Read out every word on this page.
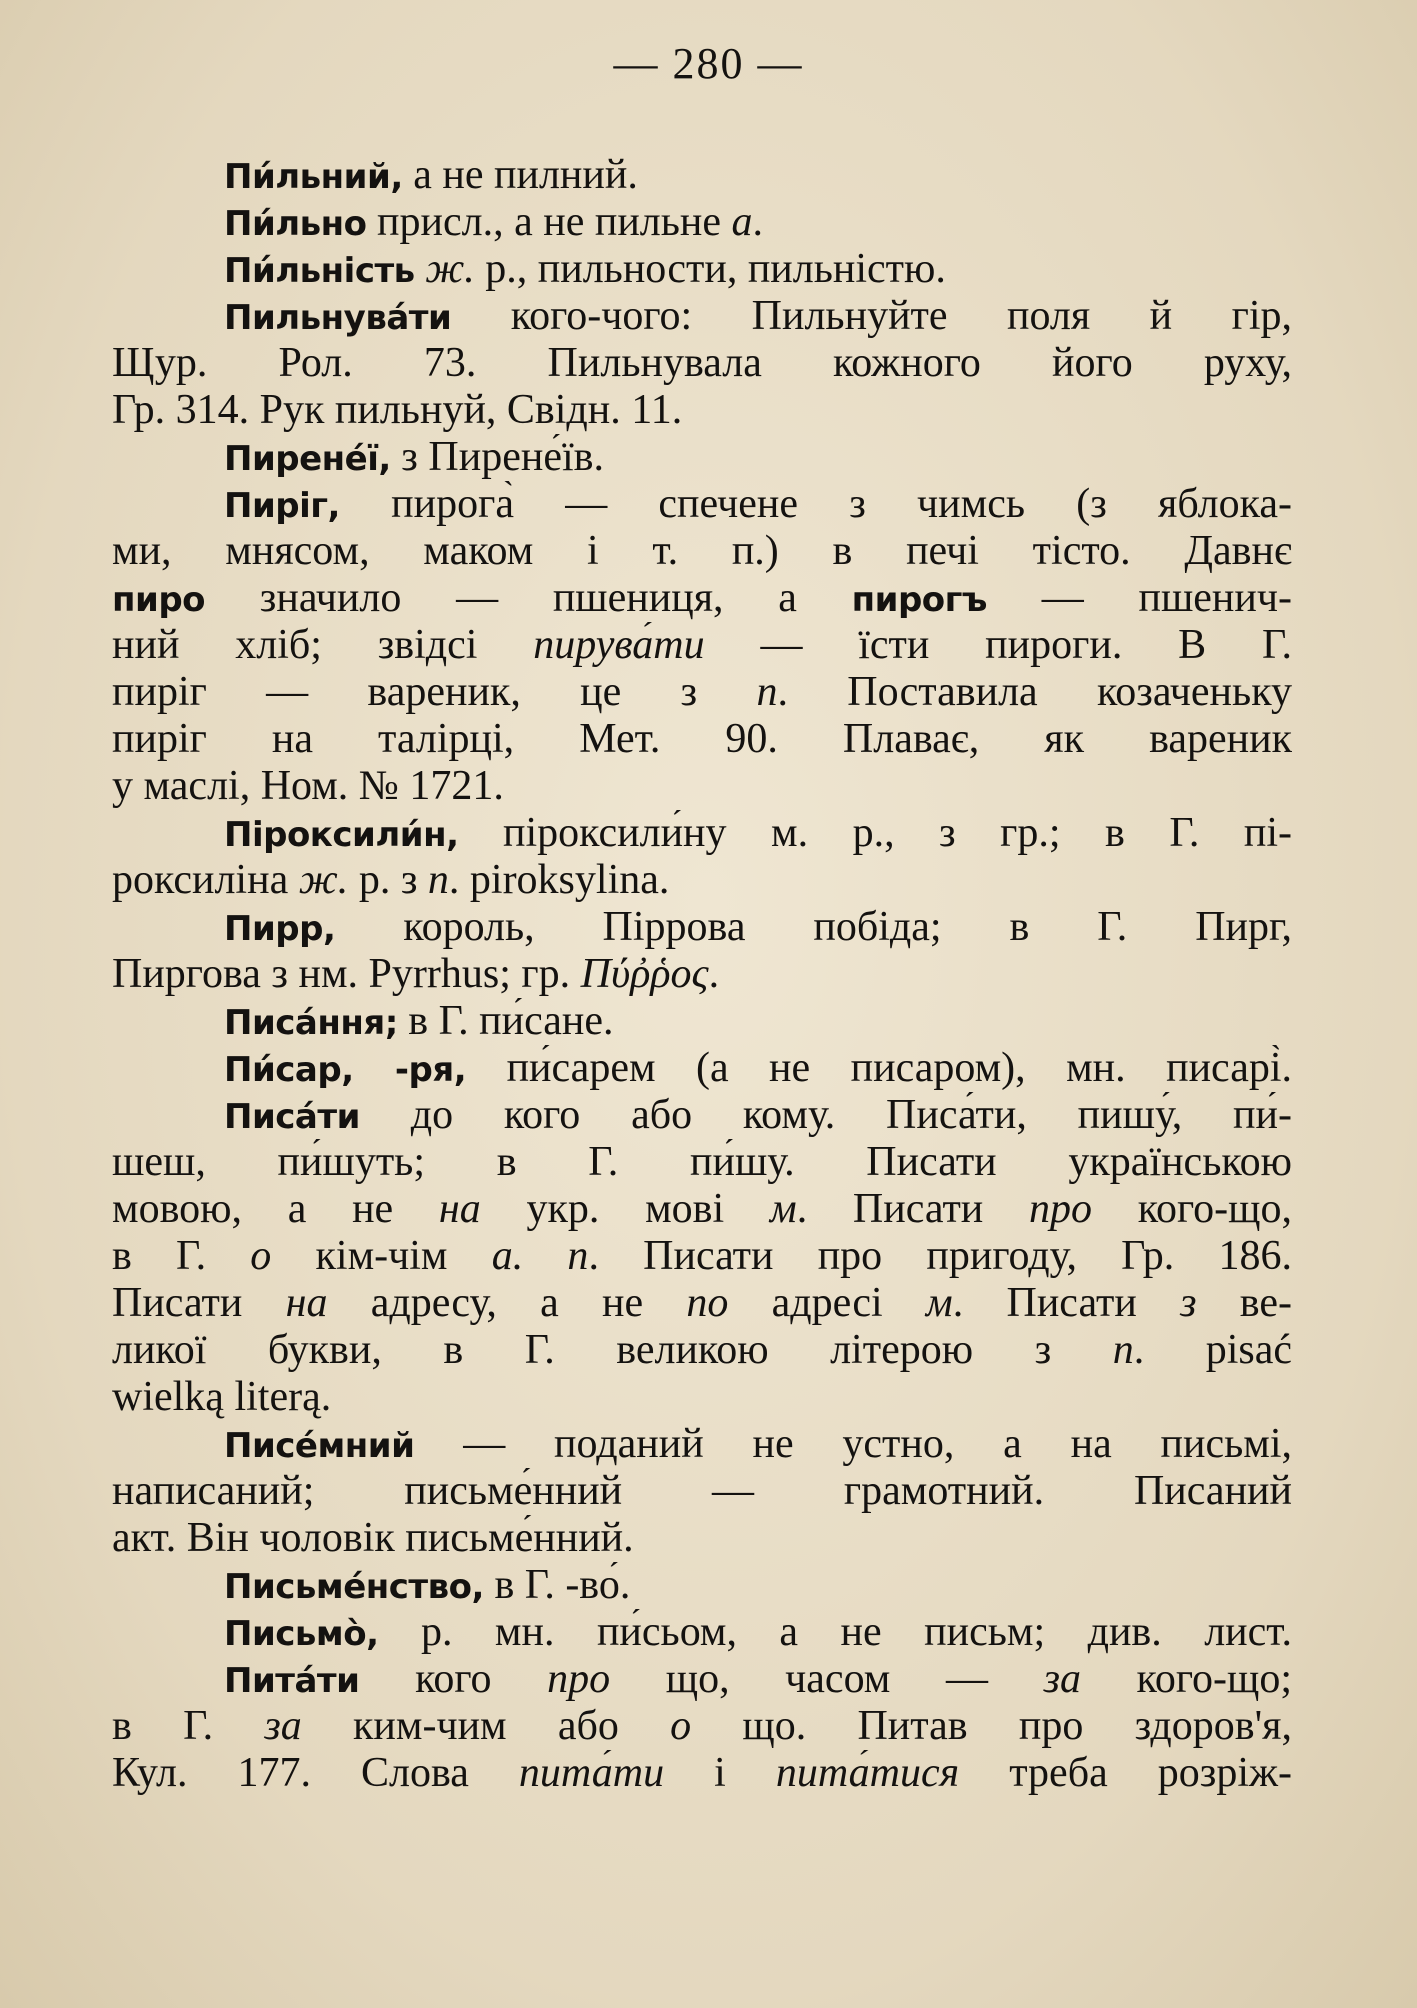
— 280 —
Пи́льний, а не пилний.
Пи́льно присл., а не пильне а.
Пи́льність ж. р., пильности, пильністю.
Пильнува́ти кого-чого: Пильнуйте поля й гір,
Щур. Рол. 73. Пильнувала кожного його руху,
Гр. 314. Рук пильнуй, Свідн. 11.
Пирене́ї, з Пирене́їв.
Пиріг, пирога̀ — спечене з чимсь (з яблока-
ми, мнясом, маком і т. п.) в печі тісто. Давнє
пиро значило — пшениця, а пирогъ — пшенич-
ний хліб; звідсі пирува́ти — їсти пироги. В Г.
пиріг — вареник, це з п. Поставила козаченьку
пиріг на талірці, Мет. 90. Плаває, як вареник
у маслі, Ном. № 1721.
Піроксили́н, піроксили́ну м. р., з гр.; в Г. пі-
роксиліна ж. р. з п. piroksylina.
Пирр, король, Піррова побіда; в Г. Пирг,
Пиргова з нм. Pyrrhus; гр. Πύῤῥος.
Писа́ння; в Г. пи́сане.
Пи́сар, -ря, пи́сарем (а не писаром), мн. писарі̀.
Писа́ти до кого або кому. Писа́ти, пишу́, пи́-
шеш, пи́шуть; в Г. пи́шу. Писати українською
мовою, а не на укр. мові м. Писати про кого-що,
в Г. о кім-чім а. п. Писати про пригоду, Гр. 186.
Писати на адресу, а не по адресі м. Писати з ве-
ликої букви, в Г. великою літерою з п. pisać
wielką literą.
Писе́мний — поданий не устно, а на письмі,
написаний; письме́нний — грамотний. Писаний
акт. Він чоловік письме́нний.
Письме́нство, в Г. -во́.
Письмо̀, р. мн. пи́сьом, а не письм; див. лист.
Пита́ти кого про що, часом — за кого-що;
в Г. за ким-чим або о що. Питав про здоров'я,
Кул. 177. Слова пита́ти і пита́тися треба розріж-
